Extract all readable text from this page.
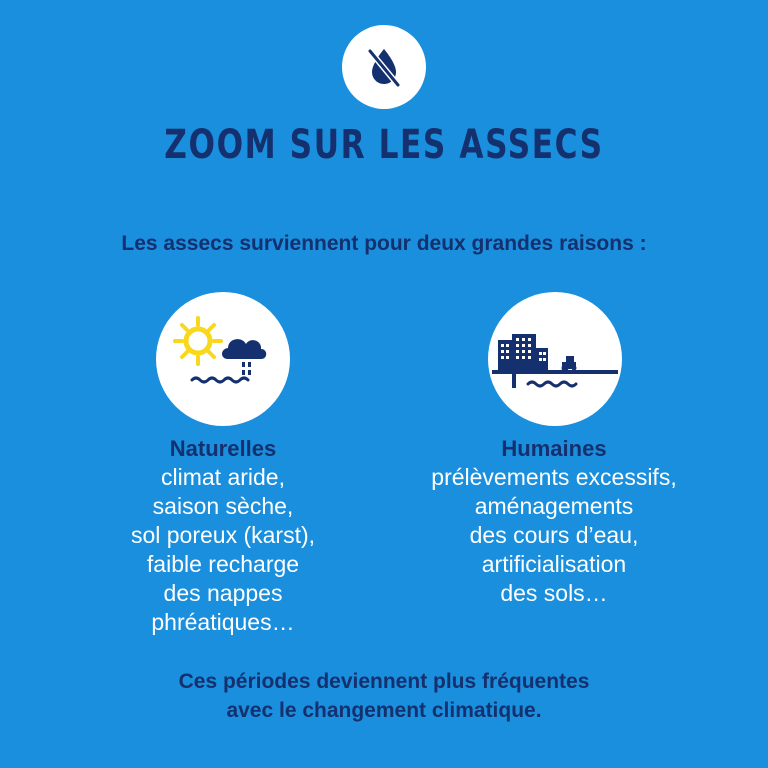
ZOOM SUR LES ASSECS
Les assecs surviennent pour deux grandes raisons :
Naturelles
climat aride,
saison sèche,
sol poreux (karst),
faible recharge
des nappes
phréatiques…
Humaines
prélèvements excessifs,
aménagements
des cours d’eau,
artificialisation
des sols…
Ces périodes deviennent plus fréquentes
avec le changement climatique.
